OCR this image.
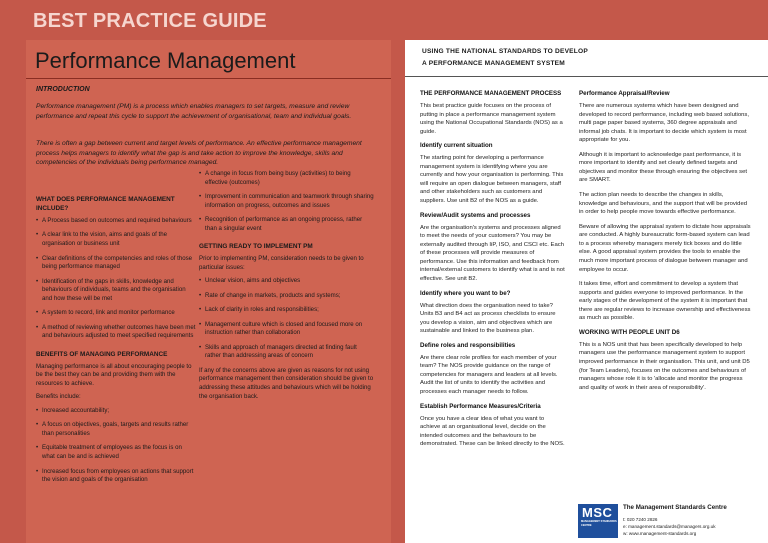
BEST PRACTICE GUIDE
Performance Management
INTRODUCTION
Performance management (PM) is a process which enables managers to set targets, measure and review performance and repeat this cycle to support the achievement of organisational, team and individual goals.
There is often a gap between current and target levels of performance. An effective performance management process helps managers to identify what the gap is and take action to improve the knowledge, skills and competencies of the individuals being performance managed.
WHAT DOES PERFORMANCE MANAGEMENT INCLUDE?
• A Process based on outcomes and required behaviours
• A clear link to the vision, aims and goals of the organisation or business unit
• Clear definitions of the competencies and roles of those being performance managed
• Identification of the gaps in skills, knowledge and behaviours of individuals, teams and the organisation and how these will be met
• A system to record, link and monitor performance
• A method of reviewing whether outcomes have been met and behaviours adjusted to meet specified requirements
BENEFITS OF MANAGING PERFORMANCE

Managing performance is all about encouraging people to be the best they can be and providing them with the resources to achieve.

Benefits include:

• Increased accountability;
• A focus on objectives, goals, targets and results rather than personalities
• Equitable treatment of employees as the focus is on what can be and is achieved
• Increased focus from employees on actions that support the vision and goals of the organisation
• A change in focus from being busy (activities) to being effective (outcomes)
• Improvement in communication and teamwork through sharing information on progress, outcomes and issues
• Recognition of performance as an ongoing process, rather than a singular event
GETTING READY TO IMPLEMENT PM

Prior to implementing PM, consideration needs to be given to particular issues:

• Unclear vision, aims and objectives
• Rate of change in markets, products and systems;
• Lack of clarity in roles and responsibilities;
• Management culture which is closed and focused more on instruction rather than collaboration
• Skills and approach of managers directed at finding fault rather than addressing areas of concern

If any of the concerns above are given as reasons for not using performance management then consideration should be given to addressing these attitudes and behaviours which will be holding the organisation back.

USING THE NATIONAL STANDARDS TO DEVELOP
A PERFORMANCE MANAGEMENT SYSTEM
THE PERFORMANCE MANAGEMENT PROCESS

This best practice guide focuses on the process of putting in place a performance management system using the National Occupational Standards (NOS) as a guide.

Identify current situation

The starting point for developing a performance management system is identifying where you are currently and how your organisation is performing. This will require an open dialogue between managers, staff and other stakeholders such as customers and suppliers. Use unit B2 of the NOS as a guide.

Review/Audit systems and processes

Are the organisation's systems and processes aligned to meet the needs of your customers? You may be externally audited through IiP, ISO, and CSCI etc. Each of these processes will provide measures of performance. Use this information and feedback from internal/external customers to identify what is and is not effective. See unit B2.

Identify where you want to be?

What direction does the organisation need to take? Units B3 and B4 act as process checklists to ensure you develop a vision, aim and objectives which are sustainable and linked to the business plan.

Define roles and responsibilities

Are there clear role profiles for each member of your team? The NOS provide guidance on the range of competencies for managers and leaders at all levels. Audit the list of units to identify the activities and processes each manager needs to follow.

Establish Performance Measures/Criteria

Once you have a clear idea of what you want to achieve at an organisational level, decide on the intended outcomes and the behaviours to be demonstrated. These can be linked directly to the NOS.

Performance Appraisal/Review

There are numerous systems which have been designed and developed to record performance, including web based solutions, multi page paper based systems, 360 degree appraisals and informal job chats. It is important to decide which system is most appropriate for you.

Although it is important to acknowledge past performance, it is more important to identify and set clearly defined targets and objectives and monitor these through ensuring the objectives set are SMART.

The action plan needs to describe the changes in skills, knowledge and behaviours, and the support that will be provided in order to help people move towards effective performance.

Beware of allowing the appraisal system to dictate how appraisals are conducted. A highly bureaucratic form-based system can lead to a process whereby managers merely tick boxes and do little else. A good appraisal system provides the tools to enable the much more important process of dialogue between manager and employee to occur.

It takes time, effort and commitment to develop a system that supports and guides everyone to improved performance. In the early stages of the development of the system it is important that there are regular reviews to increase ownership and effectiveness as much as possible.

WORKING WITH PEOPLE UNIT D6

This is a NOS unit that has been specifically developed to help managers use the performance management system to support improved performance in their organisation. This unit, and unit D5 (for Team Leaders), focuses on the outcomes and behaviours of managers whose role it is to 'allocate and monitor the progress and quality of work in their area of responsibility'.

MSC
MANAGEMENT STANDARDS CENTRE
The Management Standards Centre
t: 020 7240 2826
e: management.standards@managers.org.uk
w: www.management-standards.org
